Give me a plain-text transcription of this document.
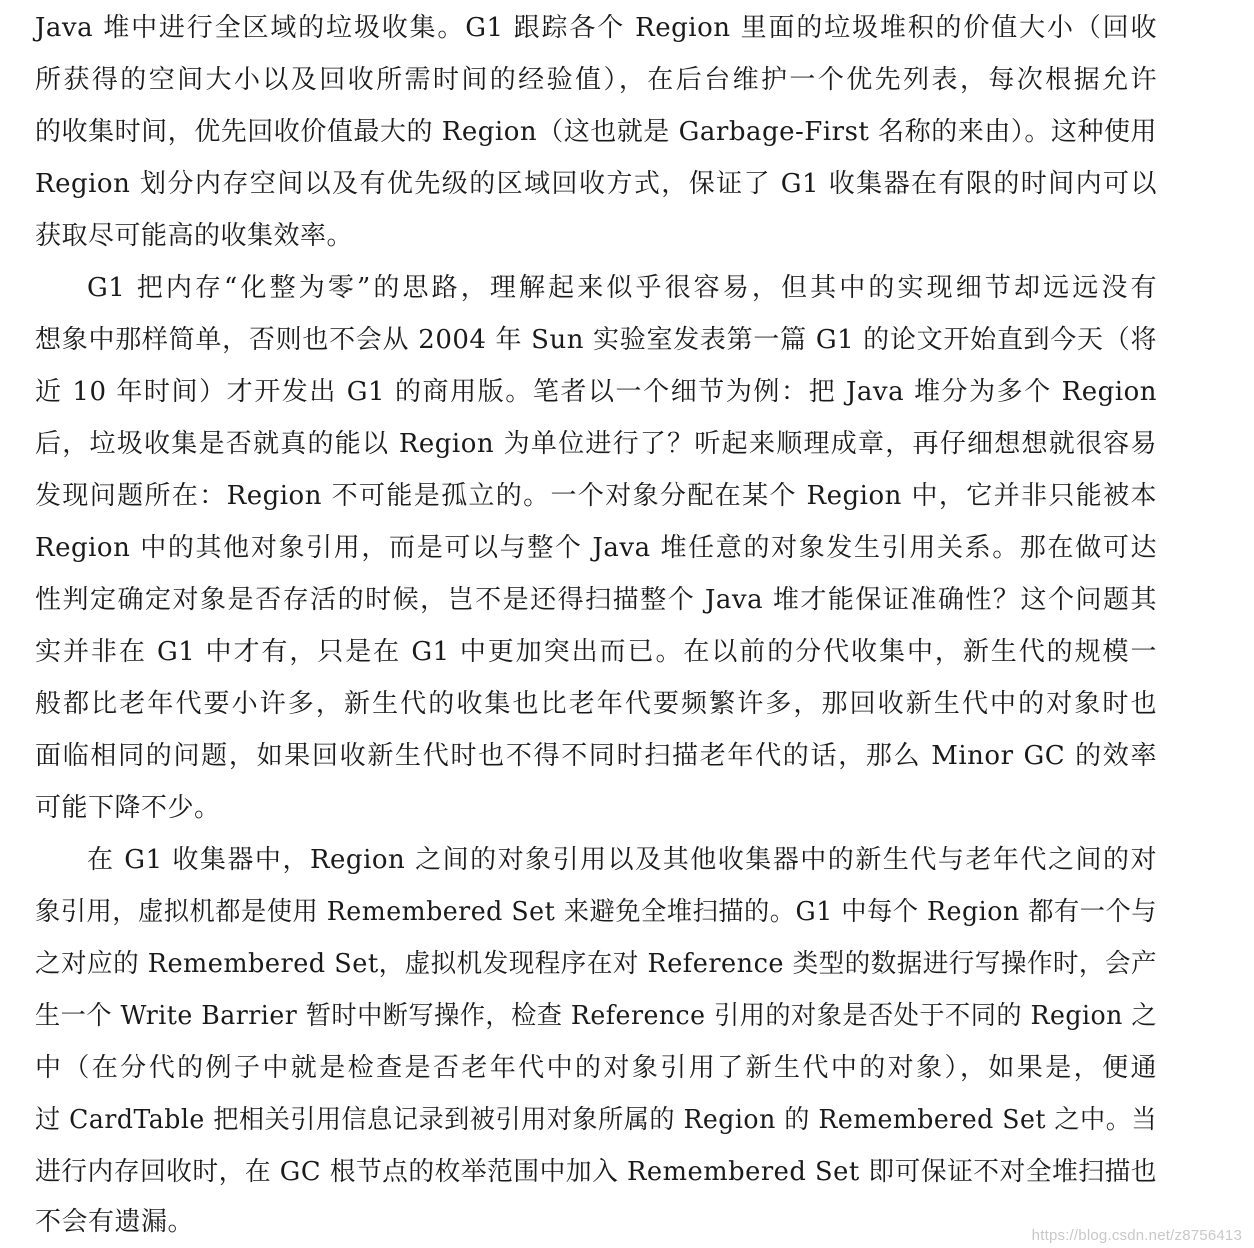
Java 堆中进行全区域的垃圾收集。G1 跟踪各个 Region 里面的垃圾堆积的价值大小（回收
所获得的空间大小以及回收所需时间的经验值），在后台维护一个优先列表，每次根据允许
的收集时间，优先回收价值最大的 Region（这也就是 Garbage-First 名称的来由）。这种使用
Region 划分内存空间以及有优先级的区域回收方式，保证了 G1 收集器在有限的时间内可以
获取尽可能高的收集效率。
G1 把内存“化整为零”的思路，理解起来似乎很容易，但其中的实现细节却远远没有
想象中那样简单，否则也不会从 2004 年 Sun 实验室发表第一篇 G1 的论文开始直到今天（将
近 10 年时间）才开发出 G1 的商用版。笔者以一个细节为例：把 Java 堆分为多个 Region
后，垃圾收集是否就真的能以 Region 为单位进行了？听起来顺理成章，再仔细想想就很容易
发现问题所在：Region 不可能是孤立的。一个对象分配在某个 Region 中，它并非只能被本
Region 中的其他对象引用，而是可以与整个 Java 堆任意的对象发生引用关系。那在做可达
性判定确定对象是否存活的时候，岂不是还得扫描整个 Java 堆才能保证准确性？这个问题其
实并非在 G1 中才有，只是在 G1 中更加突出而已。在以前的分代收集中，新生代的规模一
般都比老年代要小许多，新生代的收集也比老年代要频繁许多，那回收新生代中的对象时也
面临相同的问题，如果回收新生代时也不得不同时扫描老年代的话，那么 Minor GC 的效率
可能下降不少。
在 G1 收集器中，Region 之间的对象引用以及其他收集器中的新生代与老年代之间的对
象引用，虚拟机都是使用 Remembered Set 来避免全堆扫描的。G1 中每个 Region 都有一个与
之对应的 Remembered Set，虚拟机发现程序在对 Reference 类型的数据进行写操作时，会产
生一个 Write Barrier 暂时中断写操作，检查 Reference 引用的对象是否处于不同的 Region 之
中（在分代的例子中就是检查是否老年代中的对象引用了新生代中的对象），如果是，便通
过 CardTable 把相关引用信息记录到被引用对象所属的 Region 的 Remembered Set 之中。当
进行内存回收时，在 GC 根节点的枚举范围中加入 Remembered Set 即可保证不对全堆扫描也
不会有遗漏。	https://blog.csdn.net/z8756413
